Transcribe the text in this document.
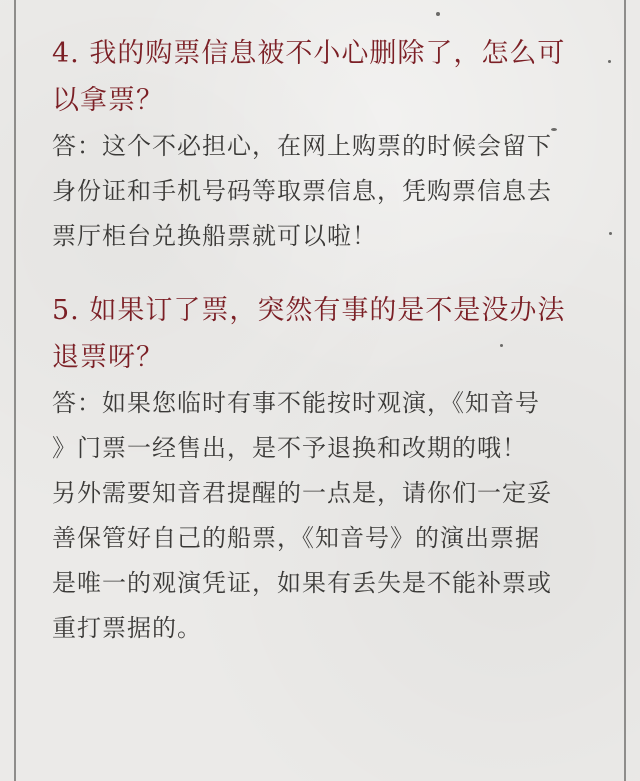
4. 我的购票信息被不小心删除了，怎么可
以拿票？

答：这个不必担心，在网上购票的时候会留下
身份证和手机号码等取票信息，凭购票信息去
票厅柜台兑换船票就可以啦！

5. 如果订了票，突然有事的是不是没办法
退票呀？

答：如果您临时有事不能按时观演，《知音号
》门票一经售出，是不予退换和改期的哦！
另外需要知音君提醒的一点是，请你们一定妥
善保管好自己的船票，《知音号》的演出票据
是唯一的观演凭证，如果有丢失是不能补票或
重打票据的。
